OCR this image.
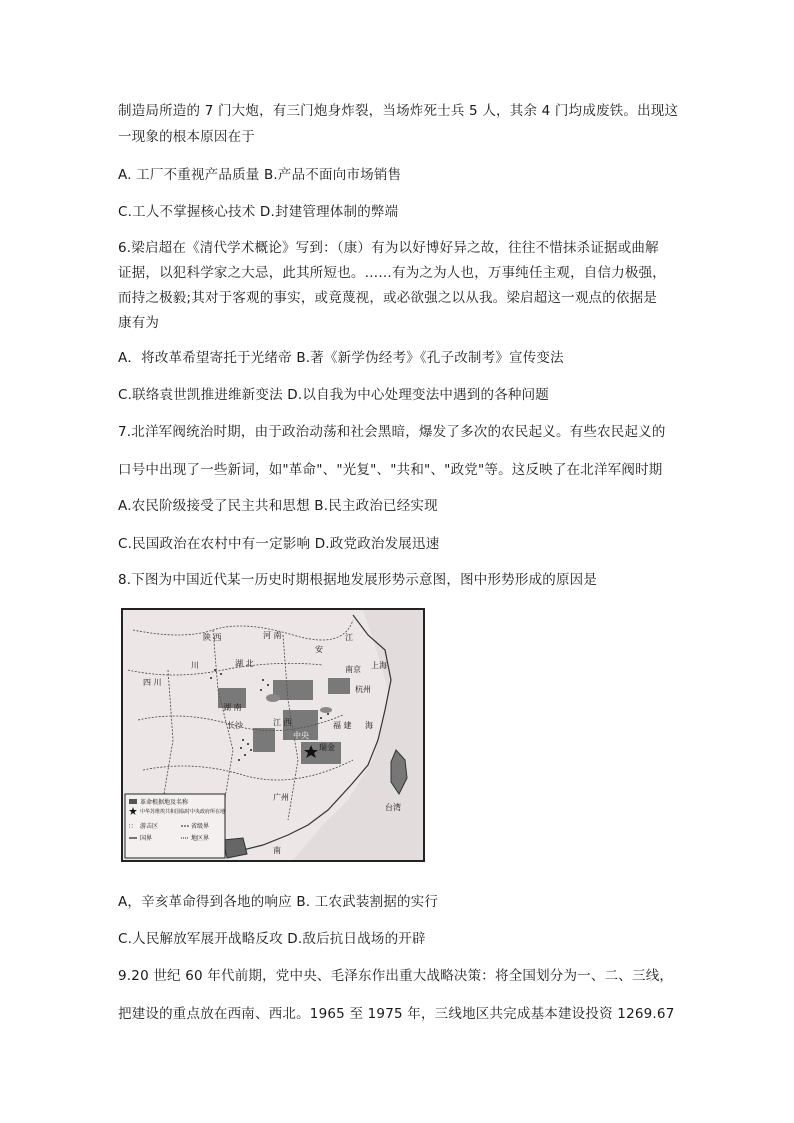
制造局所造的 7 门大炮，有三门炮身炸裂，当场炸死士兵 5 人，其余 4 门均成废铁。出现这
一现象的根本原因在于
A. 工厂不重视产品质量 B.产品不面向市场销售
C.工人不掌握核心技术 D.封建管理体制的弊端
6.梁启超在《清代学术概论》写到：（康）有为以好博好异之故，往往不惜抹杀证据或曲解
证据，以犯科学家之大忌，此其所短也。……有为之为人也，万事纯任主观，自信力极强，
而持之极毅;其对于客观的事实，或竟蔑视，或必欲强之以从我。梁启超这一观点的依据是
康有为
A．将改革希望寄托于光绪帝 B.著《新学伪经考》《孔子改制考》宣传变法
C.联络袁世凯推进维新变法 D.以自我为中心处理变法中遇到的各种问题
7.北洋军阀统治时期，由于政治动荡和社会黑暗，爆发了多次的农民起义。有些农民起义的
口号中出现了一些新词，如"革命"、"光复"、"共和"、"政党"等。这反映了在北洋军阀时期
A.农民阶级接受了民主共和思想 B.民主政治已经实现
C.民国政治在农村中有一定影响 D.政党政治发展迅速
8.下图为中国近代某一历史时期根据地发展形势示意图，图中形势形成的原因是
陕 西	河 南
安
江
上海
四 川
川	湖 北
南京
杭州
湖 南
长沙	江 西
瑞金
中央
福 建
广州
台湾
海
南
革命根据地及名称
中华苏维埃共和国临时中央政府所在地
∷ 游击区	省级界
国界	地区界
A，辛亥革命得到各地的响应 B. 工农武装割据的实行
C.人民解放军展开战略反攻 D.敌后抗日战场的开辟
9.20 世纪 60 年代前期，党中央、毛泽东作出重大战略决策：将全国划分为一、二、三线，
把建设的重点放在西南、西北。1965 至 1975 年，三线地区共完成基本建设投资 1269.67
